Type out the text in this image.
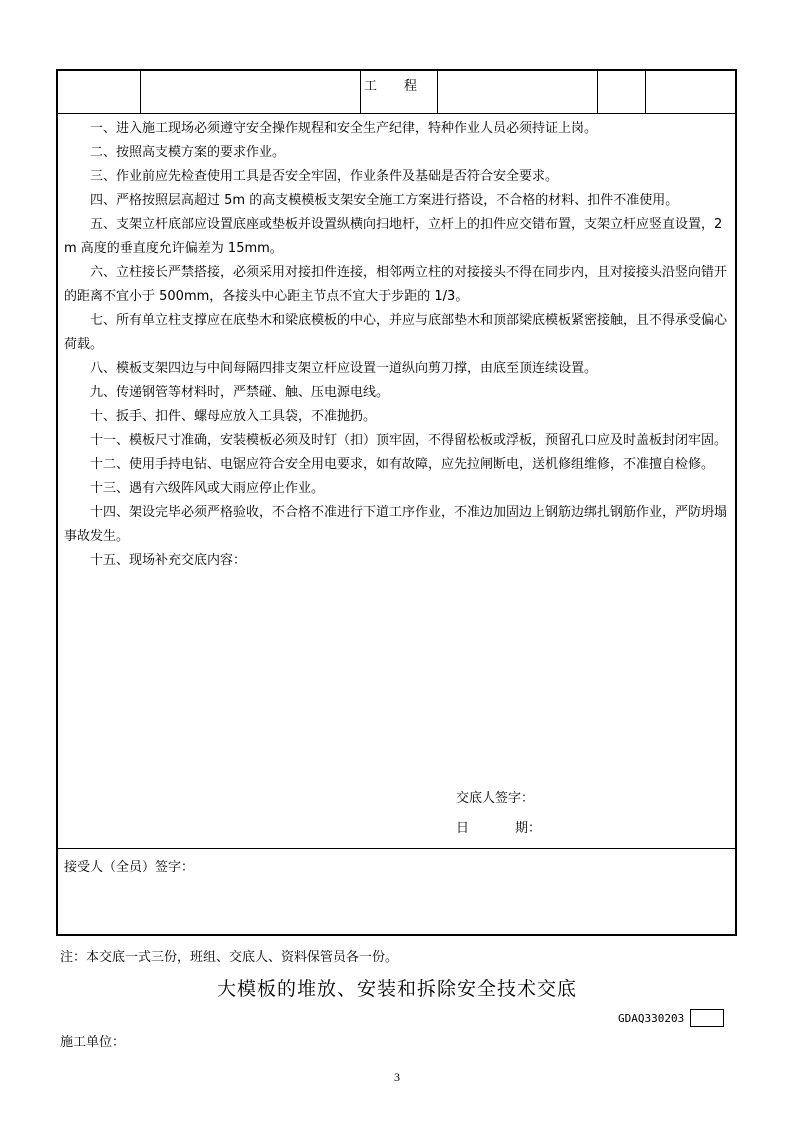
工 程

一、进入施工现场必须遵守安全操作规程和安全生产纪律，特种作业人员必须持证上岗。

二、按照高支模方案的要求作业。

三、作业前应先检查使用工具是否安全牢固，作业条件及基础是否符合安全要求。

四、严格按照层高超过 5m 的高支模模板支架安全施工方案进行搭设，不合格的材料、扣件不准使用。

五、支架立杆底部应设置底座或垫板并设置纵横向扫地杆，立杆上的扣件应交错布置，支架立杆应竖直设置，2m 高度的垂直度允许偏差为 15mm。

六、立柱接长严禁搭接，必须采用对接扣件连接，相邻两立柱的对接接头不得在同步内，且对接接头沿竖向错开的距离不宜小于 500mm，各接头中心距主节点不宜大于步距的 1/3。

七、所有单立柱支撑应在底垫木和梁底模板的中心，并应与底部垫木和顶部梁底模板紧密接触，且不得承受偏心荷载。

八、模板支架四边与中间每隔四排支架立杆应设置一道纵向剪刀撑，由底至顶连续设置。

九、传递钢管等材料时，严禁碰、触、压电源电线。

十、扳手、扣件、螺母应放入工具袋，不准抛扔。

十一、模板尺寸准确，安装模板必须及时钉（扣）顶牢固，不得留松板或浮板，预留孔口应及时盖板封闭牢固。

十二、使用手持电钻、电锯应符合安全用电要求，如有故障，应先拉闸断电，送机修组维修，不准擅自检修。

十三、遇有六级阵风或大雨应停止作业。

十四、架设完毕必须严格验收，不合格不准进行下道工序作业，不准边加固边上钢筋边绑扎钢筋作业，严防坍塌事故发生。

十五、现场补充交底内容：

交底人签字：
日	期：
接受人（全员）签字：
注：本交底一式三份，班组、交底人、资料保管员各一份。
大模板的堆放、安装和拆除安全技术交底
GDAQ330203
施工单位：
3
